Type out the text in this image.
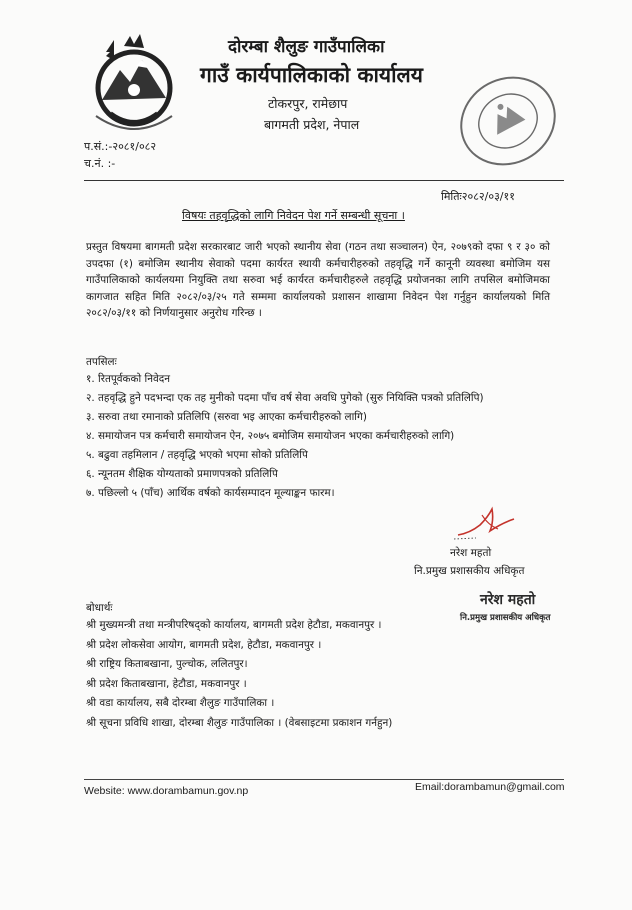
दोरम्बा शैलुङ गाउँपालिका
गाउँ कार्यपालिकाको कार्यालय
टोकरपुर, रामेछाप
बागमती प्रदेश, नेपाल
प.सं.:-२०८१/०८२
च.नं. :-
मितिः२०८२/०३/११
विषयः तहवृद्धिको लागि निवेदन पेश गर्ने सम्बन्धी सूचना ।
प्रस्तुत विषयमा बागमती प्रदेश सरकारबाट जारी भएको स्थानीय सेवा (गठन तथा सञ्चालन) ऐन, २०७९को दफा ९ र ३० को उपदफा (१) बमोजिम स्थानीय सेवाको पदमा कार्यरत स्थायी कर्मचारीहरुको तहवृद्धि गर्ने कानूनी व्यवस्था बमोजिम यस गाउँपालिकाको कार्यलयमा नियुक्ति तथा सरुवा भई कार्यरत कर्मचारीहरुले तहवृद्धि प्रयोजनका लागि तपसिल बमोजिमका कागजात सहित मिति २०८२/०३/२५ गते सम्ममा कार्यालयको प्रशासन शाखामा निवेदन पेश गर्नुहुन कार्यालयको मिति २०८२/०३/११ को निर्णयानुसार अनुरोध गरिन्छ ।
तपसिलः
१. रितपूर्वकको निवेदन
२. तहवृद्धि हुने पदभन्दा एक तह मुनीको पदमा पाँच वर्ष सेवा अवधि पुगेको (सुरु नियिक्ति पत्रको प्रतिलिपि)
३. सरुवा तथा रमानाको प्रतिलिपि (सरुवा भइ आएका कर्मचारीहरुको लागि)
४. समायोजन पत्र कर्मचारी समायोजन ऐन, २०७५ बमोजिम समायोजन भएका कर्मचारीहरुको लागि)
५. बढुवा तहमिलान / तहवृद्धि भएको भएमा सोको प्रतिलिपि
६. न्यूनतम शैक्षिक योग्यताको प्रमाणपत्रको प्रतिलिपि
७. पछिल्लो ५ (पाँच) आर्थिक वर्षको कार्यसम्पादन मूल्याङ्कन फारम।
नरेश महतो
नि.प्रमुख प्रशासकीय अधिकृत
नरेश महतो
नि.प्रमुख प्रशासकीय अधिकृत
बोधार्थः
श्री मुख्यमन्त्री तथा मन्त्रीपरिषद्को कार्यालय, बागमती प्रदेश हेटौडा, मकवानपुर ।
श्री प्रदेश लोकसेवा आयोग, बागमती प्रदेश, हेटौडा, मकवानपुर ।
श्री राष्ट्रिय किताबखाना, पुल्चोक, ललितपुर।
श्री प्रदेश किताबखाना, हेटौडा, मकवानपुर ।
श्री वडा कार्यालय, सबै दोरम्बा शैलुङ गाउँपालिका ।
श्री सूचना प्रविधि शाखा, दोरम्बा शैलुङ गाउँपालिका । (वेबसाइटमा प्रकाशन गर्नहुन)
Website: www.dorambamun.gov.np	Email:dorambamun@gmail.com
